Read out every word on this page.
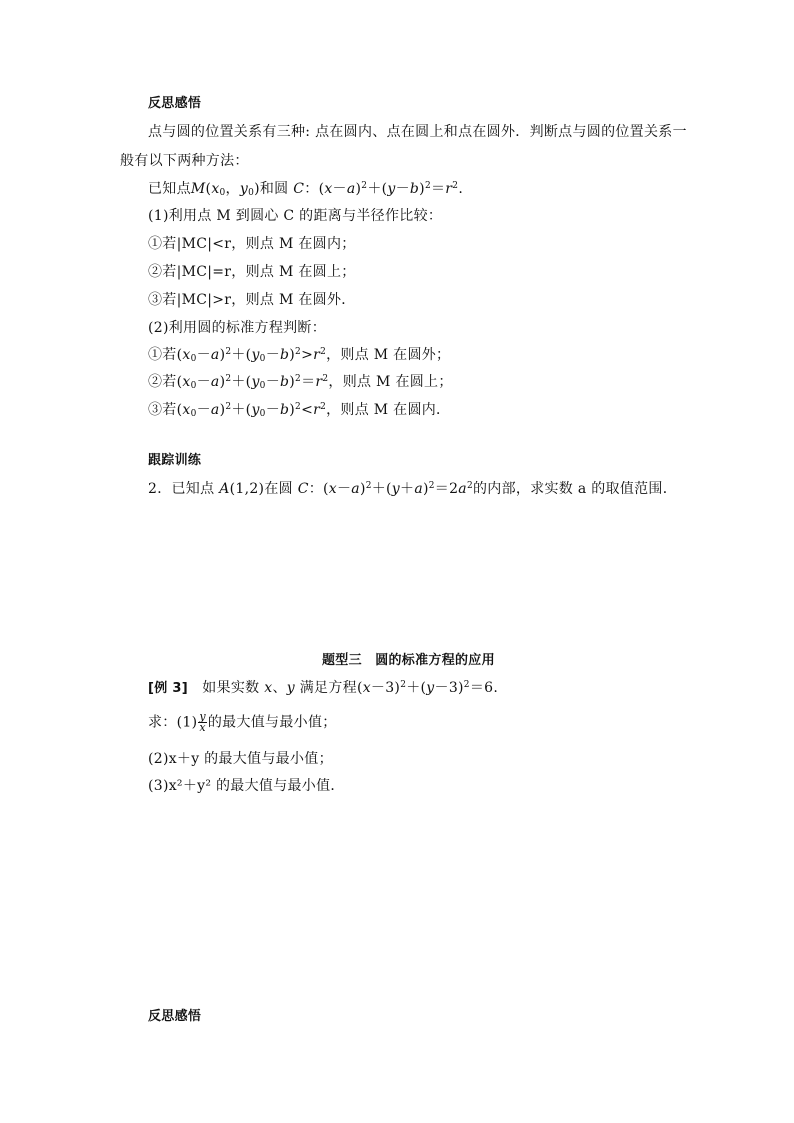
反思感悟
点与圆的位置关系有三种: 点在圆内、点在圆上和点在圆外．判断点与圆的位置关系一
般有以下两种方法：
已知点$M(x_0$，$y_0$)和圆 C：$(x-a)^2+(y-b)^2=r^2$.
(1)利用点 M 到圆心 C 的距离与半径作比较：
①若|MC|<r，则点 M 在圆内；
②若|MC|=r，则点 M 在圆上；
③若|MC|>r，则点 M 在圆外．
(2)利用圆的标准方程判断：
①若$(x_0-a)^2+(y_0-b)^2>r^2$，则点 M 在圆外；
②若$(x_0-a)^2+(y_0-b)^2=r^2$，则点 M 在圆上；
③若$(x_0-a)^2+(y_0-b)^2<r^2$，则点 M 在圆内．
跟踪训练
2．已知点 A(1,2)在圆 C：$(x-a)^2+(y+a)^2=2a^2$的内部，求实数 a 的取值范围．
题型三　圆的标准方程的应用
[例 3]　 如果实数 x、y 满足方程$(x-3)^2+(y-3)^2=6$.
求：$(1) \frac{y}{x}$ 的最大值与最小值；
(2)x＋y 的最大值与最小值；
(3)x²＋y² 的最大值与最小值．
反思感悟
